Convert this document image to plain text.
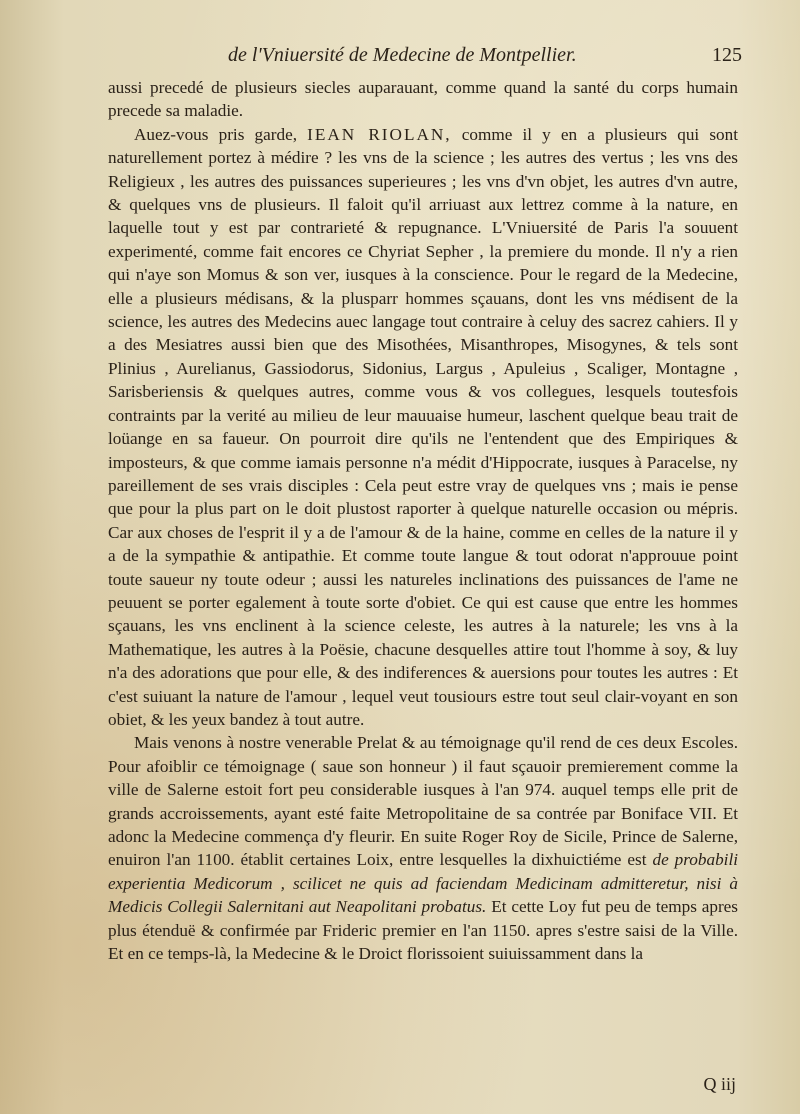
de l'Vniuersité de Medecine de Montpellier.	125

aussi precedé de plusieurs siecles auparauant, comme quand la santé du corps humain precede sa maladie.

Auez-vous pris garde, IEAN RIOLAN, comme il y en a plusieurs qui sont naturellement portez à médire ? les vns de la science ; les autres des vertus ; les vns des Religieux , les autres des puissances superieures ; les vns d'vn objet, les autres d'vn autre, & quelques vns de plusieurs. Il faloit qu'il arriuast aux lettrez comme à la nature, en laquelle tout y est par contrarieté & repugnance. L'Vniuersité de Paris l'a souuent experimenté, comme fait encores ce Chyriat Sepher , la premiere du monde. Il n'y a rien qui n'aye son Momus & son ver, iusques à la conscience. Pour le regard de la Medecine, elle a plusieurs médisans, & la plusparr hommes sçauans, dont les vns médisent de la science, les autres des Medecins auec langage tout contraire à celuy des sacrez cahiers. Il y a des Mesiatres aussi bien que des Misothées, Misanthropes, Misogynes, & tels sont Plinius , Aurelianus, Gassiodorus, Sidonius, Largus , Apuleius , Scaliger, Montagne , Sarisberiensis & quelques autres, comme vous & vos collegues, lesquels toutesfois contraints par la verité au milieu de leur mauuaise humeur, laschent quelque beau trait de loüange en sa faueur. On pourroit dire qu'ils ne l'entendent que des Empiriques & imposteurs, & que comme iamais personne n'a médit d'Hippocrate, iusques à Paracelse, ny pareillement de ses vrais disciples : Cela peut estre vray de quelques vns ; mais ie pense que pour la plus part on le doit plustost raporter à quelque naturelle occasion ou mépris. Car aux choses de l'esprit il y a de l'amour & de la haine, comme en celles de la nature il y a de la sympathie & antipathie. Et comme toute langue & tout odorat n'approuue point toute saueur ny toute odeur ; aussi les natureles inclinations des puissances de l'ame ne peuuent se porter egalement à toute sorte d'obiet. Ce qui est cause que entre les hommes sçauans, les vns enclinent à la science celeste, les autres à la naturele; les vns à la Mathematique, les autres à la Poësie, chacune desquelles attire tout l'homme à soy, & luy n'a des adorations que pour elle, & des indiferences & auersions pour toutes les autres : Et c'est suiuant la nature de l'amour , lequel veut tousiours estre tout seul clair-voyant en son obiet, & les yeux bandez à tout autre.

Mais venons à nostre venerable Prelat & au témoignage qu'il rend de ces deux Escoles. Pour afoiblir ce témoignage ( saue son honneur ) il faut sçauoir premierement comme la ville de Salerne estoit fort peu considerable iusques à l'an 974. auquel temps elle prit de grands accroissements, ayant esté faite Metropolitaine de sa contrée par Boniface VII. Et adonc la Medecine commença d'y fleurir. En suite Roger Roy de Sicile, Prince de Salerne, enuiron l'an 1100. établit certaines Loix, entre lesquelles la dixhuictiéme est de probabili experientia Medicorum , scilicet ne quis ad faciendam Medicinam admitteretur, nisi à Medicis Collegii Salernitani aut Neapolitani probatus. Et cette Loy fut peu de temps apres plus étenduë & confirmée par Frideric premier en l'an 1150. apres s'estre saisi de la Ville. Et en ce temps-là, la Medecine & le Droict florissoient suiuissamment dans la

Q iij
